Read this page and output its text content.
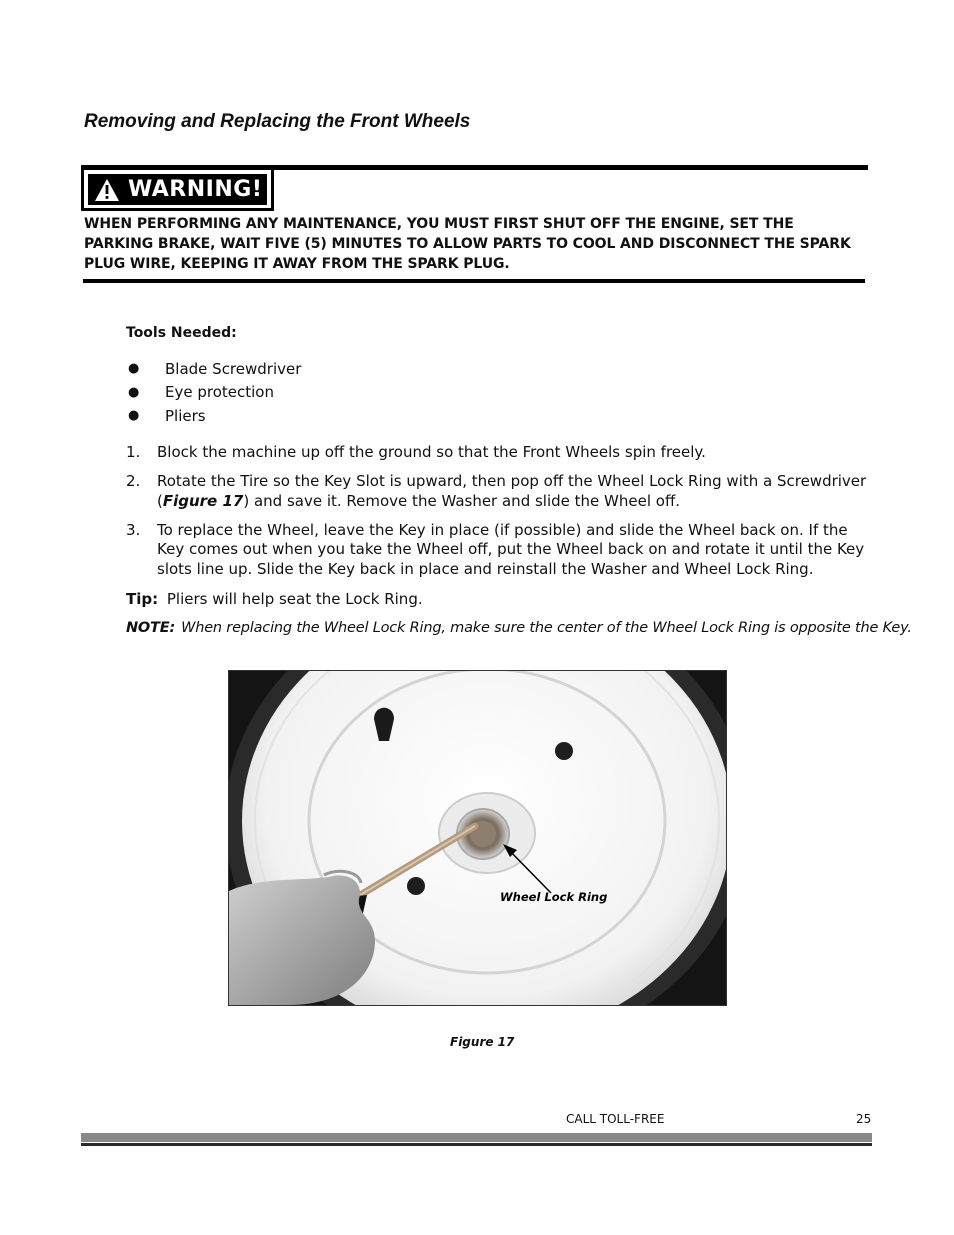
Removing and Replacing the Front Wheels
WARNING!

WHEN PERFORMING ANY MAINTENANCE, YOU MUST FIRST SHUT OFF THE ENGINE, SET THE PARKING BRAKE, WAIT FIVE (5) MINUTES TO ALLOW PARTS TO COOL AND DISCONNECT THE SPARK PLUG WIRE, KEEPING IT AWAY FROM THE SPARK PLUG.

Tools Needed:

●	Blade Screwdriver
●	Eye protection
●	Pliers
1.	Block the machine up off the ground so that the Front Wheels spin freely.
2.	Rotate the Tire so the Key Slot is upward, then pop off the Wheel Lock Ring with a Screwdriver (Figure 17) and save it. Remove the Washer and slide the Wheel off.
3.	To replace the Wheel, leave the Key in place (if possible) and slide the Wheel back on. If the Key comes out when you take the Wheel off, put the Wheel back on and rotate it until the Key slots line up. Slide the Key back in place and reinstall the Washer and Wheel Lock Ring.

Tip: Pliers will help seat the Lock Ring.

NOTE: When replacing the Wheel Lock Ring, make sure the center of the Wheel Lock Ring is opposite the Key.

Wheel Lock Ring

Figure 17

CALL TOLL-FREE	25
